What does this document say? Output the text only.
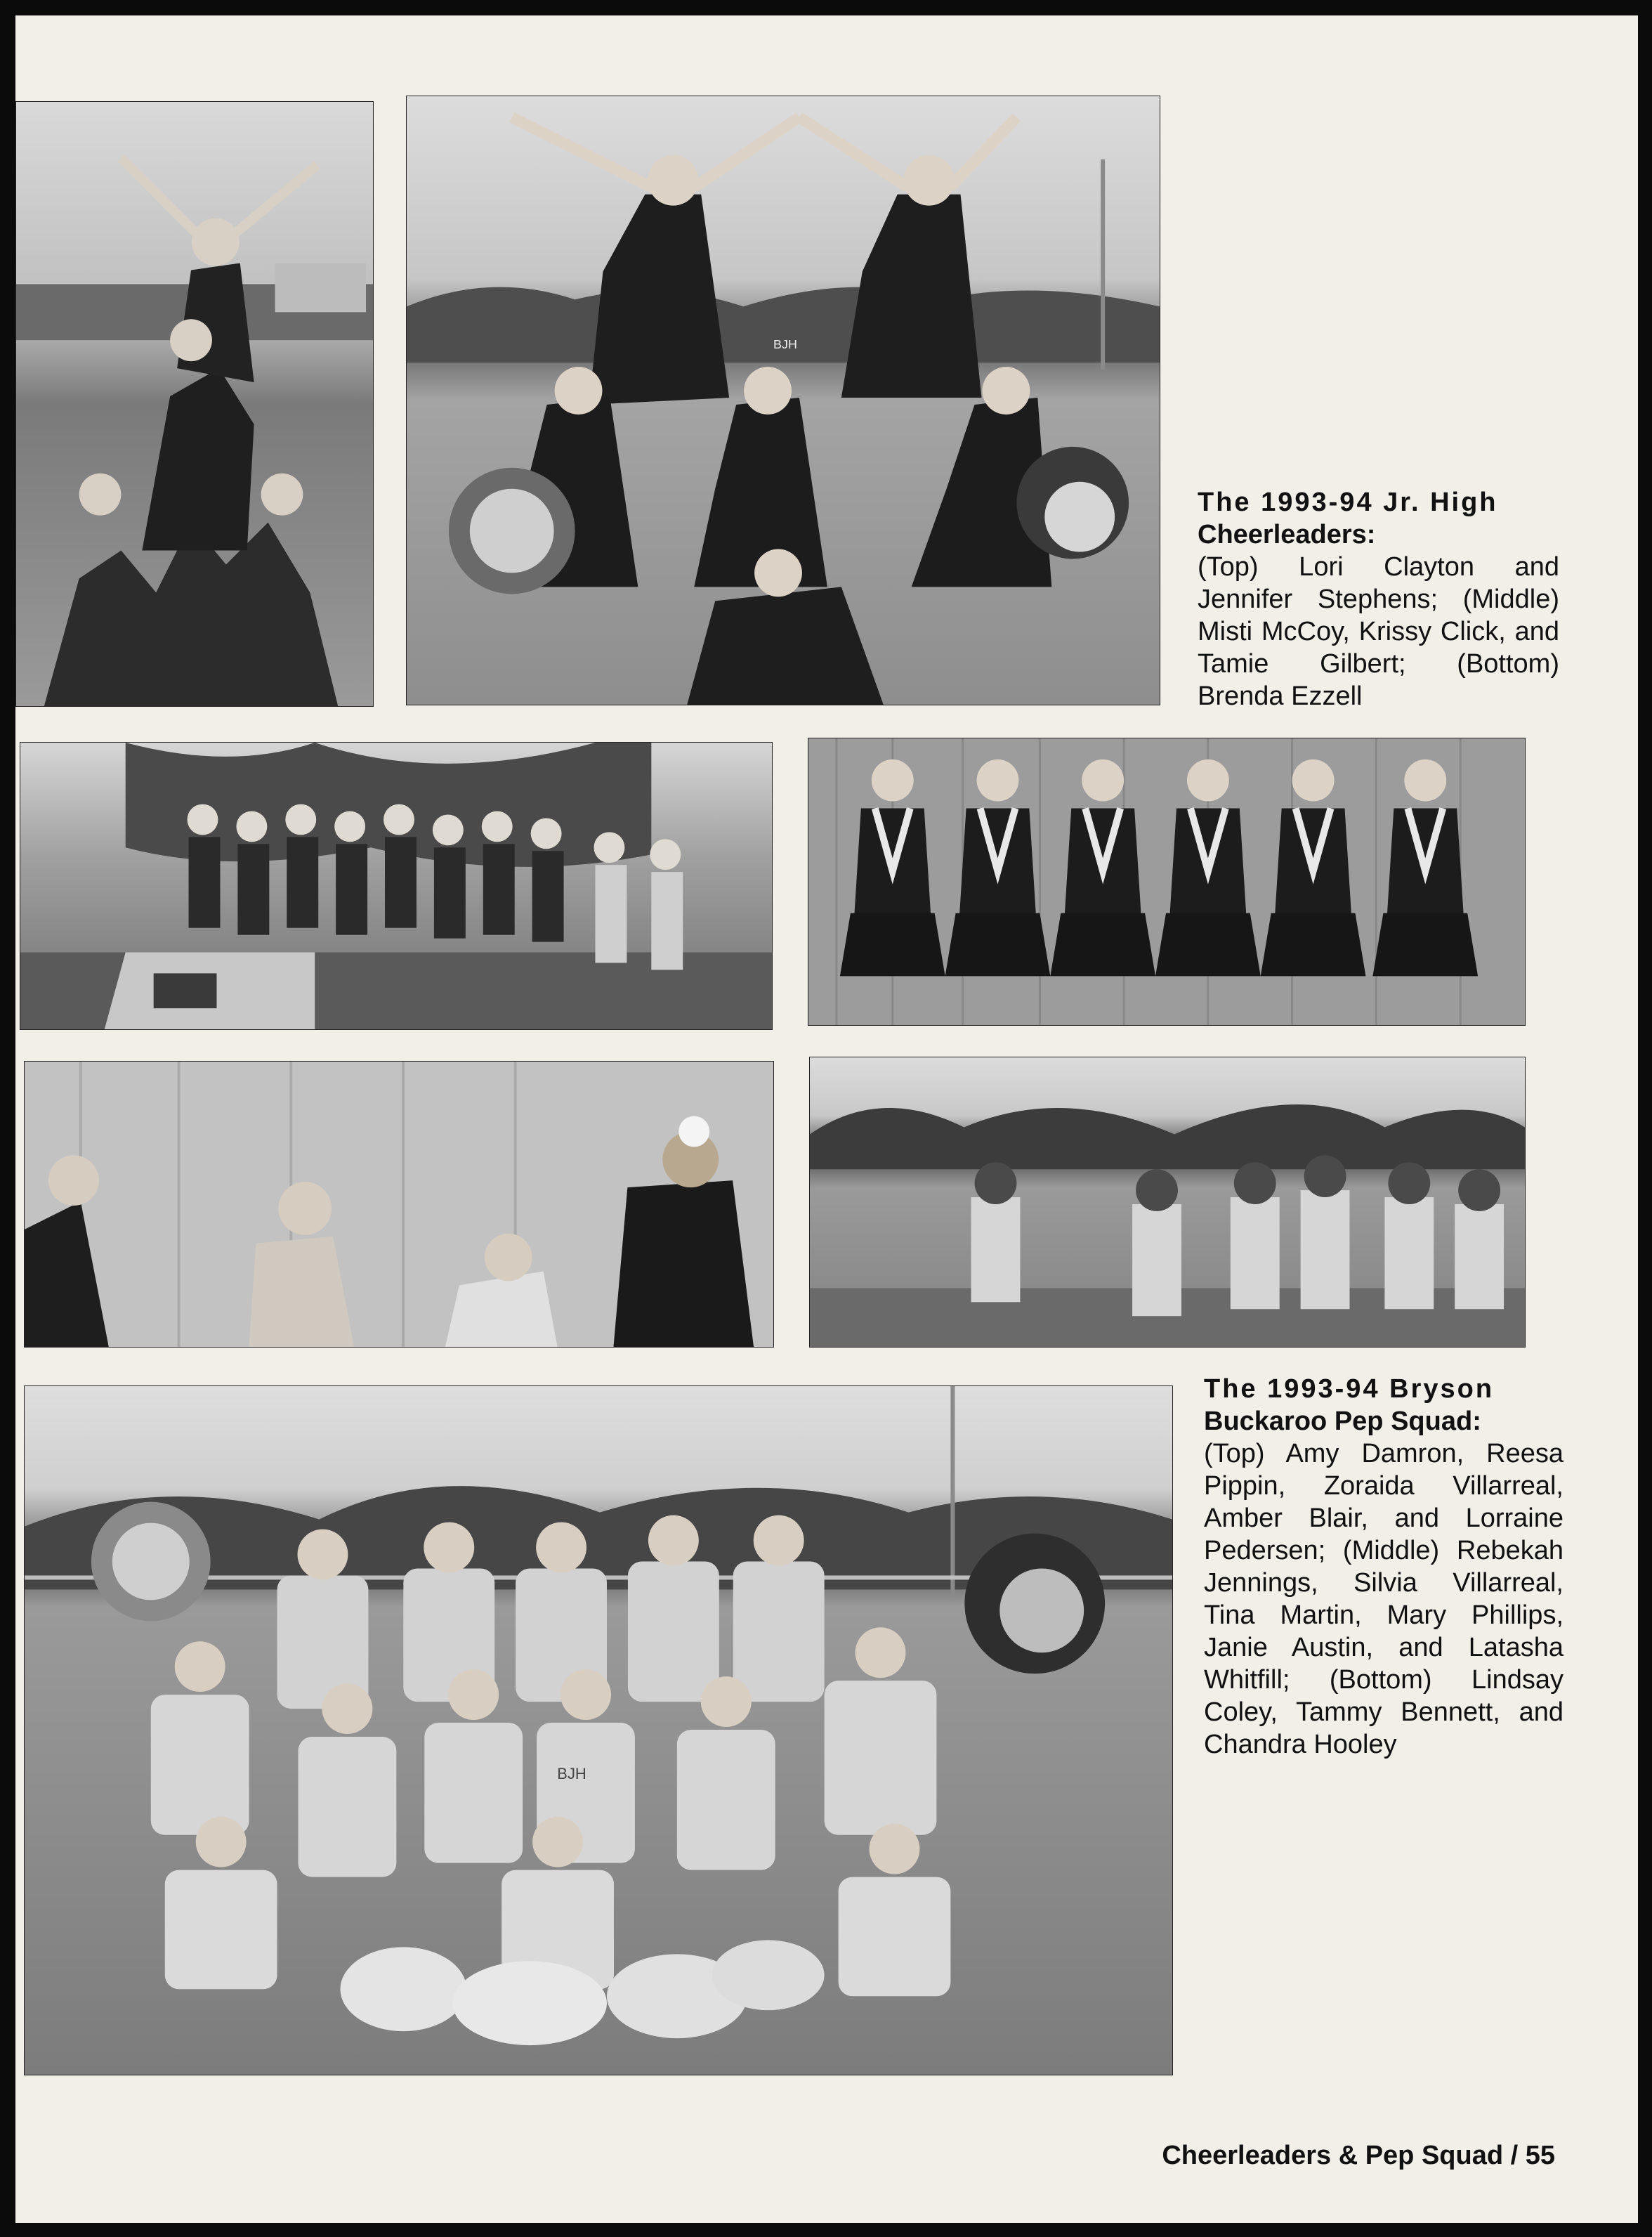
BJH
The 1993-94 Jr. High
Cheerleaders:
(Top) Lori Clayton and Jennifer Stephens; (Middle) Misti McCoy, Krissy Click, and Tamie Gilbert; (Bottom) Brenda Ezzell
BJH
The 1993-94 Bryson
Buckaroo Pep Squad:
(Top) Amy Damron, Reesa Pippin, Zoraida Villarreal, Amber Blair, and Lorraine Pedersen; (Middle) Rebekah Jennings, Silvia Villarreal, Tina Martin, Mary Phillips, Janie Austin, and Latasha Whitfill; (Bottom) Lindsay Coley, Tammy Bennett, and Chandra Hooley
Cheerleaders & Pep Squad / 55
